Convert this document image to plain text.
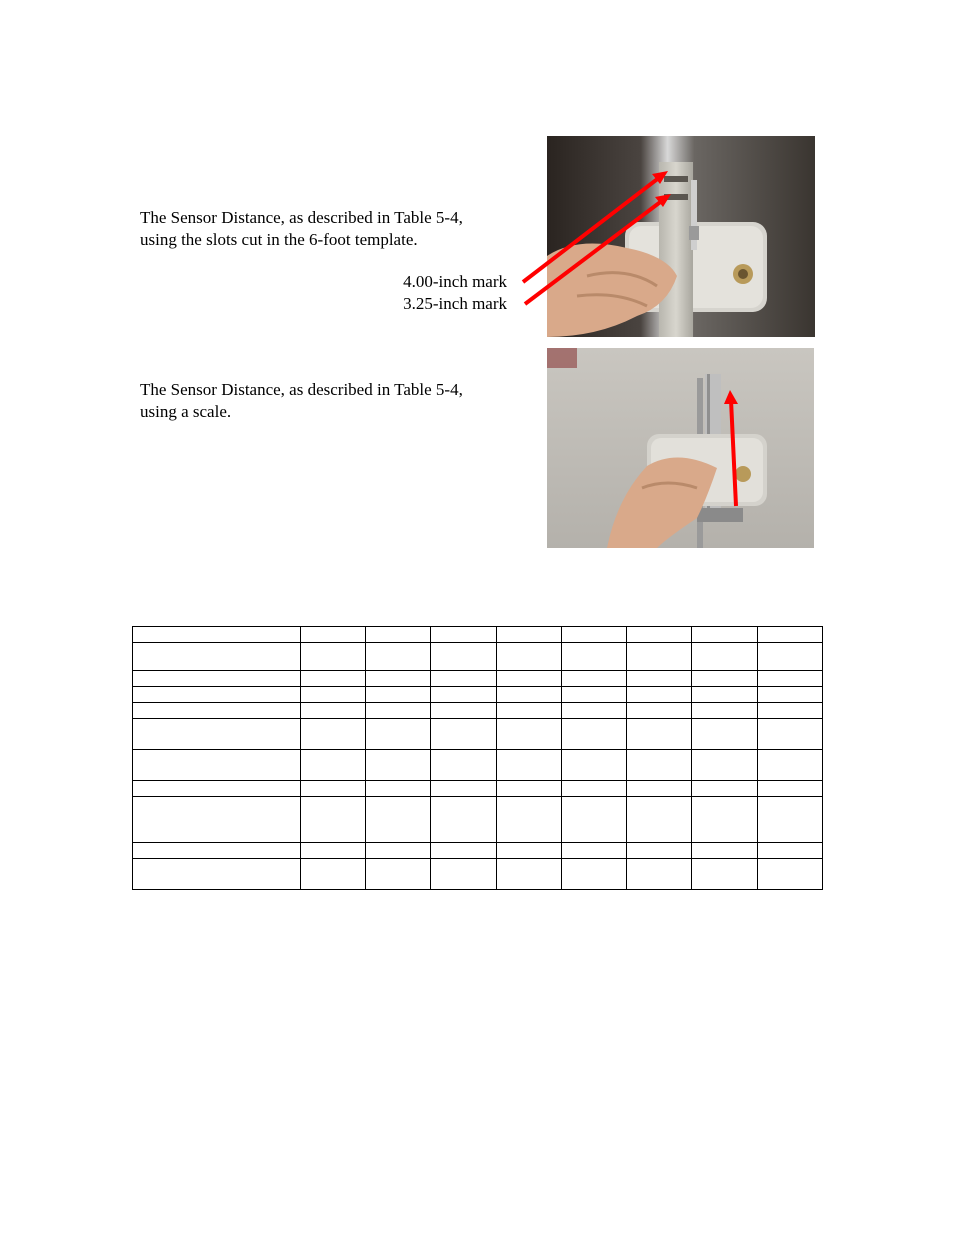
The Sensor Distance, as described in Table 5-4,
using the slots cut in the 6-foot template.
4.00-inch mark
3.25-inch mark
The Sensor Distance, as described in Table 5-4,
using a scale.
